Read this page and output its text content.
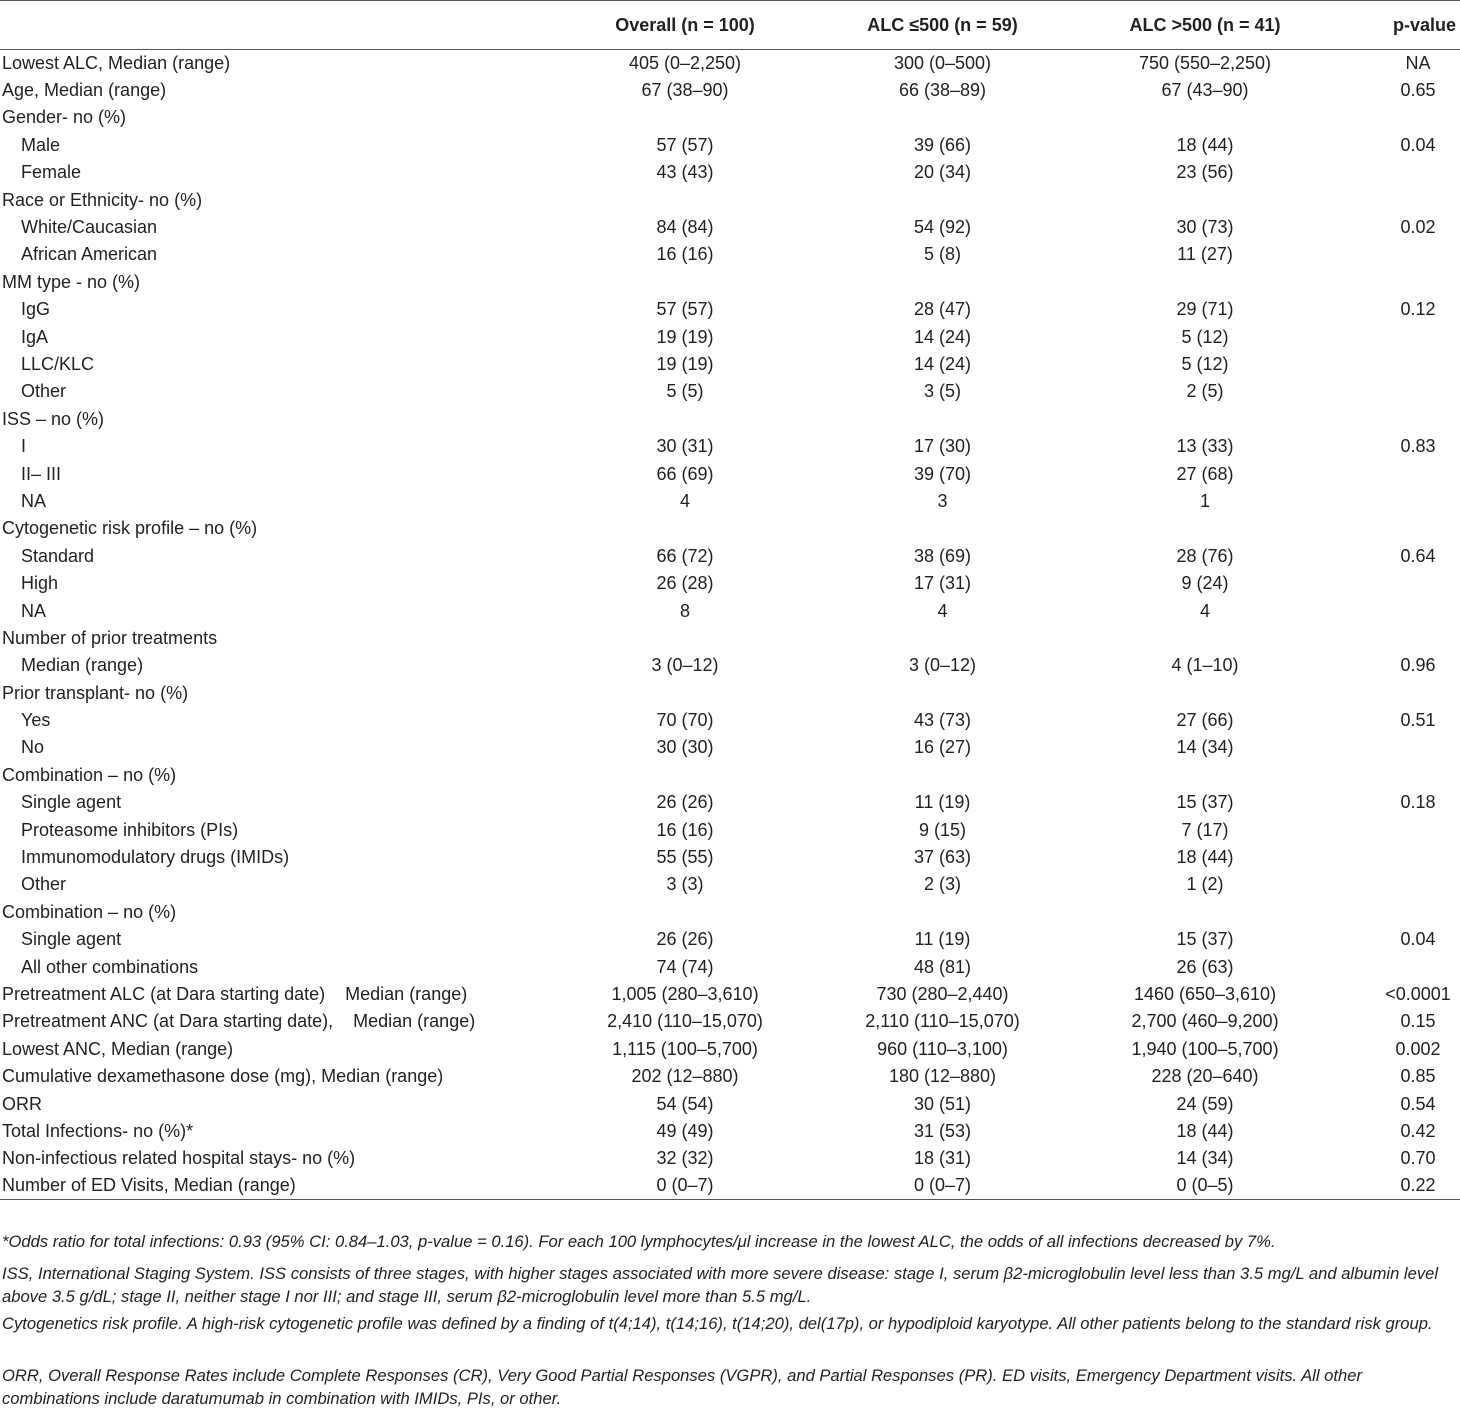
	Overall (n = 100)	ALC ≤500 (n = 59)	ALC >500 (n = 41)	p-value
Lowest ALC, Median (range)	405 (0–2,250)	300 (0–500)	750 (550–2,250)	NA
Age, Median (range)	67 (38–90)	66 (38–89)	67 (43–90)	0.65
Gender- no (%)				
Male	57 (57)	39 (66)	18 (44)	0.04
Female	43 (43)	20 (34)	23 (56)	
Race or Ethnicity- no (%)				
White/Caucasian	84 (84)	54 (92)	30 (73)	0.02
African American	16 (16)	5 (8)	11 (27)	
MM type - no (%)				
IgG	57 (57)	28 (47)	29 (71)	0.12
IgA	19 (19)	14 (24)	5 (12)	
LLC/KLC	19 (19)	14 (24)	5 (12)	
Other	5 (5)	3 (5)	2 (5)	
ISS – no (%)				
I	30 (31)	17 (30)	13 (33)	0.83
II– III	66 (69)	39 (70)	27 (68)	
NA	4	3	1	
Cytogenetic risk profile – no (%)				
Standard	66 (72)	38 (69)	28 (76)	0.64
High	26 (28)	17 (31)	9 (24)	
NA	8	4	4	
Number of prior treatments				
Median (range)	3 (0–12)	3 (0–12)	4 (1–10)	0.96
Prior transplant- no (%)				
Yes	70 (70)	43 (73)	27 (66)	0.51
No	30 (30)	16 (27)	14 (34)	
Combination – no (%)				
Single agent	26 (26)	11 (19)	15 (37)	0.18
Proteasome inhibitors (PIs)	16 (16)	9 (15)	7 (17)	
Immunomodulatory drugs (IMIDs)	55 (55)	37 (63)	18 (44)	
Other	3 (3)	2 (3)	1 (2)	
Combination – no (%)				
Single agent	26 (26)	11 (19)	15 (37)	0.04
All other combinations	74 (74)	48 (81)	26 (63)	
Pretreatment ALC (at Dara starting date)    Median (range)	1,005 (280–3,610)	730 (280–2,440)	1460 (650–3,610)	<0.0001
Pretreatment ANC (at Dara starting date),    Median (range)	2,410 (110–15,070)	2,110 (110–15,070)	2,700 (460–9,200)	0.15
Lowest ANC, Median (range)	1,115 (100–5,700)	960 (110–3,100)	1,940 (100–5,700)	0.002
Cumulative dexamethasone dose (mg), Median (range)	202 (12–880)	180 (12–880)	228 (20–640)	0.85
ORR	54 (54)	30 (51)	24 (59)	0.54
Total Infections- no (%)*	49 (49)	31 (53)	18 (44)	0.42
Non-infectious related hospital stays- no (%)	32 (32)	18 (31)	14 (34)	0.70
Number of ED Visits, Median (range)	0 (0–7)	0 (0–7)	0 (0–5)	0.22
*Odds ratio for total infections: 0.93 (95% CI: 0.84–1.03, p-value = 0.16). For each 100 lymphocytes/μl increase in the lowest ALC, the odds of all infections decreased by 7%.
ISS, International Staging System. ISS consists of three stages, with higher stages associated with more severe disease: stage I, serum β2-microglobulin level less than 3.5 mg/L and albumin level above 3.5 g/dL; stage II, neither stage I nor III; and stage III, serum β2-microglobulin level more than 5.5 mg/L.
Cytogenetics risk profile. A high-risk cytogenetic profile was defined by a finding of t(4;14), t(14;16), t(14;20), del(17p), or hypodiploid karyotype. All other patients belong to the standard risk group.
ORR, Overall Response Rates include Complete Responses (CR), Very Good Partial Responses (VGPR), and Partial Responses (PR). ED visits, Emergency Department visits. All other combinations include daratumumab in combination with IMIDs, PIs, or other.
